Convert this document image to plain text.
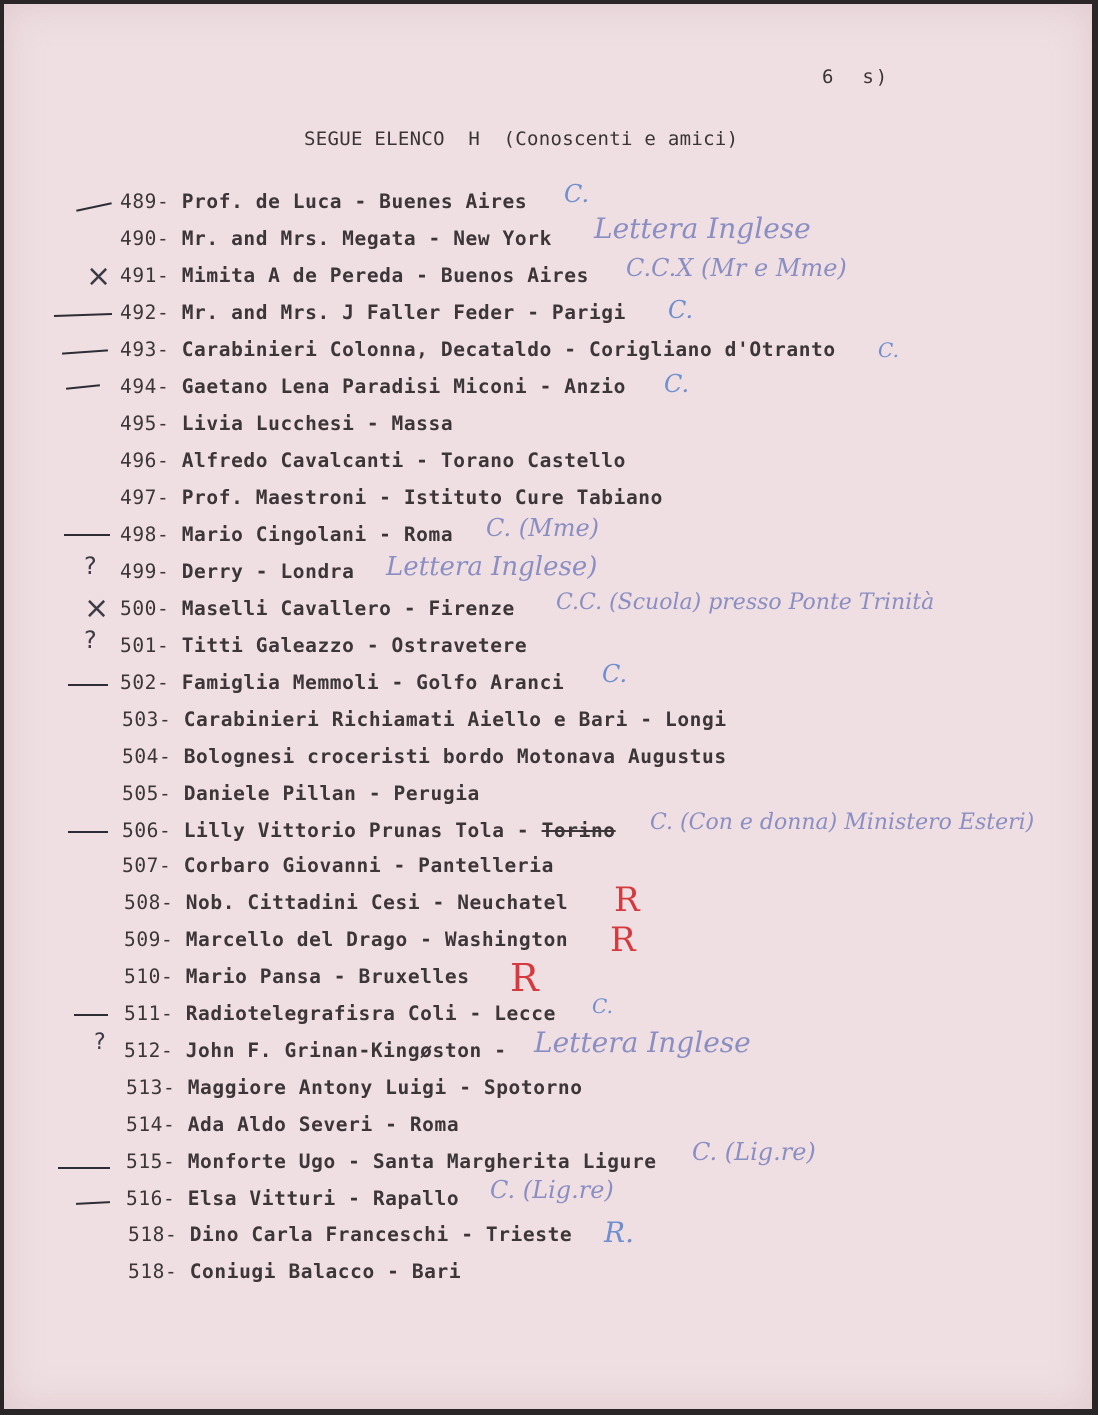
6  s)
SEGUE ELENCO  H  (Conoscenti e amici)
×
?
×
?
?
489- Prof. de Luca - Buenes Aires
490- Mr. and Mrs. Megata - New York
491- Mimita A de Pereda - Buenos Aires
492- Mr. and Mrs. J Faller Feder - Parigi
493- Carabinieri Colonna, Decataldo - Corigliano d'Otranto
494- Gaetano Lena Paradisi Miconi - Anzio
495- Livia Lucchesi - Massa
496- Alfredo Cavalcanti - Torano Castello
497- Prof. Maestroni - Istituto Cure Tabiano
498- Mario Cingolani - Roma
499- Derry - Londra
500- Maselli Cavallero - Firenze
501- Titti Galeazzo - Ostravetere
502- Famiglia Memmoli - Golfo Aranci
503- Carabinieri Richiamati Aiello e Bari - Longi
504- Bolognesi croceristi bordo Motonava Augustus
505- Daniele Pillan - Perugia
506- Lilly Vittorio Prunas Tola - Torino
507- Corbaro Giovanni - Pantelleria
508- Nob. Cittadini Cesi - Neuchatel
509- Marcello del Drago - Washington
510- Mario Pansa - Bruxelles
511- Radiotelegrafisra Coli - Lecce
512- John F. Grinan-Kingøston -
513- Maggiore Antony Luigi - Spotorno
514- Ada Aldo Severi - Roma
515- Monforte Ugo - Santa Margherita Ligure
516- Elsa Vitturi - Rapallo
518- Dino Carla Franceschi - Trieste
518- Coniugi Balacco - Bari
C.
Lettera Inglese
C.C.X (Mr e Mme)
C.
C.
C.
C. (Mme)
Lettera Inglese)
C.C. (Scuola) presso Ponte Trinità
C.
C. (Con e donna) Ministero Esteri)
R
R
R
C.
Lettera Inglese
C. (Lig.re)
C. (Lig.re)
R.
